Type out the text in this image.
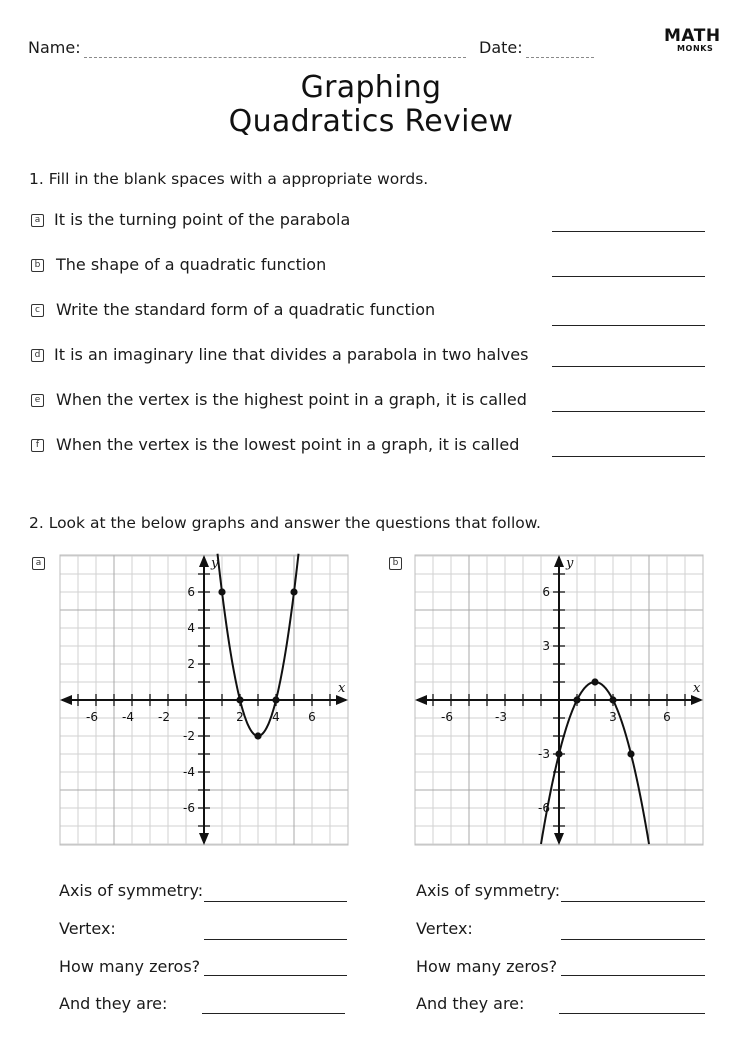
Name:	Date:
MATH
MONKS
Graphing
Quadratics Review
1. Fill in the blank spaces with a appropriate words.
a It is the turning point of the parabola
b The shape of a quadratic function
c Write the standard form of a quadratic function
d It is an imaginary line that divides a parabola in two halves
e When the vertex is the highest point in a graph, it is called
f	When the vertex is the lowest point in a graph, it is called
2. Look at the below graphs and answer the questions that follow.
a	b
-6 -4 -2	2 4 6
6
4
2
-2
-4
-6
x
y
-6	-3	3	6
6
3
-3
-6
x
y
Axis of symmetry:
Vertex:
How many zeros?
And they are:
Axis of symmetry:
Vertex:
How many zeros?
And they are:
